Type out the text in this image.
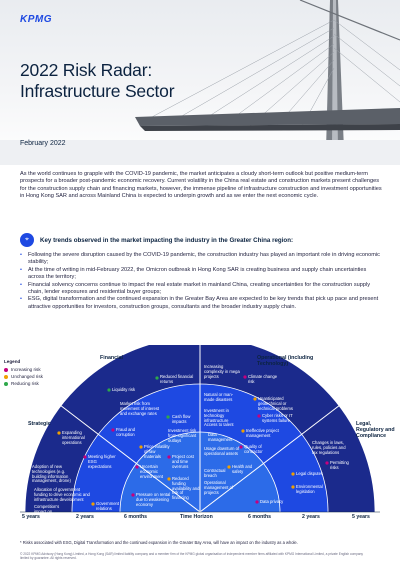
KPMG
2022 Risk Radar:
Infrastructure Sector
February 2022

As the world continues to grapple with the COVID-19 pandemic, the market anticipates a cloudy short-term outlook but positive medium-term prospects for a broader post-pandemic economic recovery. Current volatility in the China real estate and construction markets present challenges for the construction supply chain and financing markets, however, the immense pipeline of infrastructure construction and investment opportunities in Hong Kong SAR and across Mainland China is expected to underpin growth and as we enter the next economic cycle.

⌖	Key trends observed in the market impacting the industry in the Greater China region:
• Following the severe disruption caused by the COVID-19 pandemic, the construction industry has played an important role in driving economic stability;
• At the time of writing in mid-February 2022, the Omicron outbreak in Hong Kong SAR is creating business and supply chain uncertainties across the territory;
• Financial solvency concerns continue to impact the real estate market in mainland China, creating uncertainties for the construction supply chain, lender exposures and residential buyer groups;
• ESG, digital transformation and the continued expansion in the Greater Bay Area are expected to be key trends that pick up pace and present attractive opportunities for investors, construction groups, consultants and the broader industry supply chain.
Financial	Operational (including Technology)
Strategic	Legal, Regulatory and Compliance
Reduced financial returns
Liquidity risk
Market risk from movement of interest and exchange rates
Cash flow impacts
Fraud and corruption
Investment risk from significant outlays
Price volatility of raw materials	Project cost and time overruns
Reduced funding availability and risk of financing
Uncertain economic environment
Pressure on rental due to weakening economy
Expanding international operations
Meeting higher ESG expectations
Adoption of new technologies (e.g. building information management, drone)
Allocation of government funding to drive economic and infrastructure development
Competition's impact on bidding prices
Government relations
Increasing complexity in mega projects	Climate change risk
Natural or man-made disasters	Unanticipated geotechnical or technical problems
Investment in technology infrastructure
Cyber risks or IT systems failure
Access to talent
Ineffective project management
Data management
Usage downturn of operational assets
Quality of contractor
Contractual breach
Health and safety
Operational management of projects
Changes in laws, rules, policies and tax regulations
Legal disputes
Permitting risks
Data privacy
Environmental legislation
Legend
Increasing risk
Unchanged risk
Reducing risk
5 years	2 years	6 months	Time Horizon	6 months	2 years	5 years
* Risks associated with ESG, Digital Transformation and the continued expansion in the Greater Bay Area, will have an impact on the industry as a whole.
© 2022 KPMG Advisory (Hong Kong) Limited, a Hong Kong (SAR) limited liability company and a member firm of the KPMG global organisation of independent member firms affiliated with KPMG International Limited, a private English company limited by guarantee. All rights reserved.
